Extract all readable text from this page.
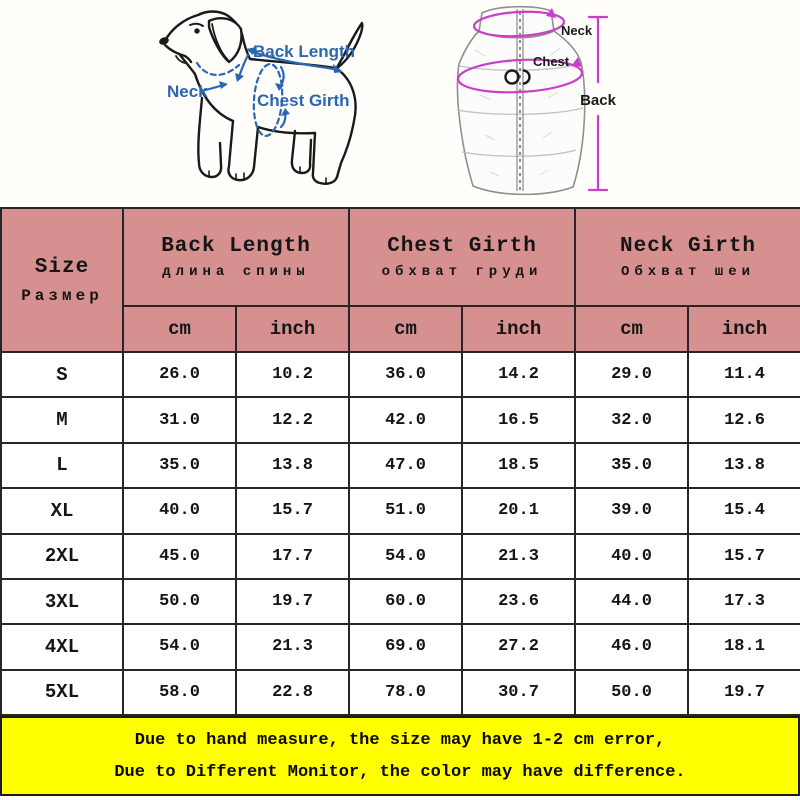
Back Length
Neck	Chest Girth
Neck
Chest
Back
Size
Размер

Back Length
длина спины

Chest Girth
обхват груди

Neck Girth
Обхват шеи

	cm	inch	cm	inch	cm	inch
S	26.0	10.2	36.0	14.2	29.0	11.4
M	31.0	12.2	42.0	16.5	32.0	12.6
L	35.0	13.8	47.0	18.5	35.0	13.8
XL	40.0	15.7	51.0	20.1	39.0	15.4
2XL	45.0	17.7	54.0	21.3	40.0	15.7
3XL	50.0	19.7	60.0	23.6	44.0	17.3
4XL	54.0	21.3	69.0	27.2	46.0	18.1
5XL	58.0	22.8	78.0	30.7	50.0	19.7
Due to hand measure, the size may have 1-2 cm error,
Due to Different Monitor, the color may have difference.
